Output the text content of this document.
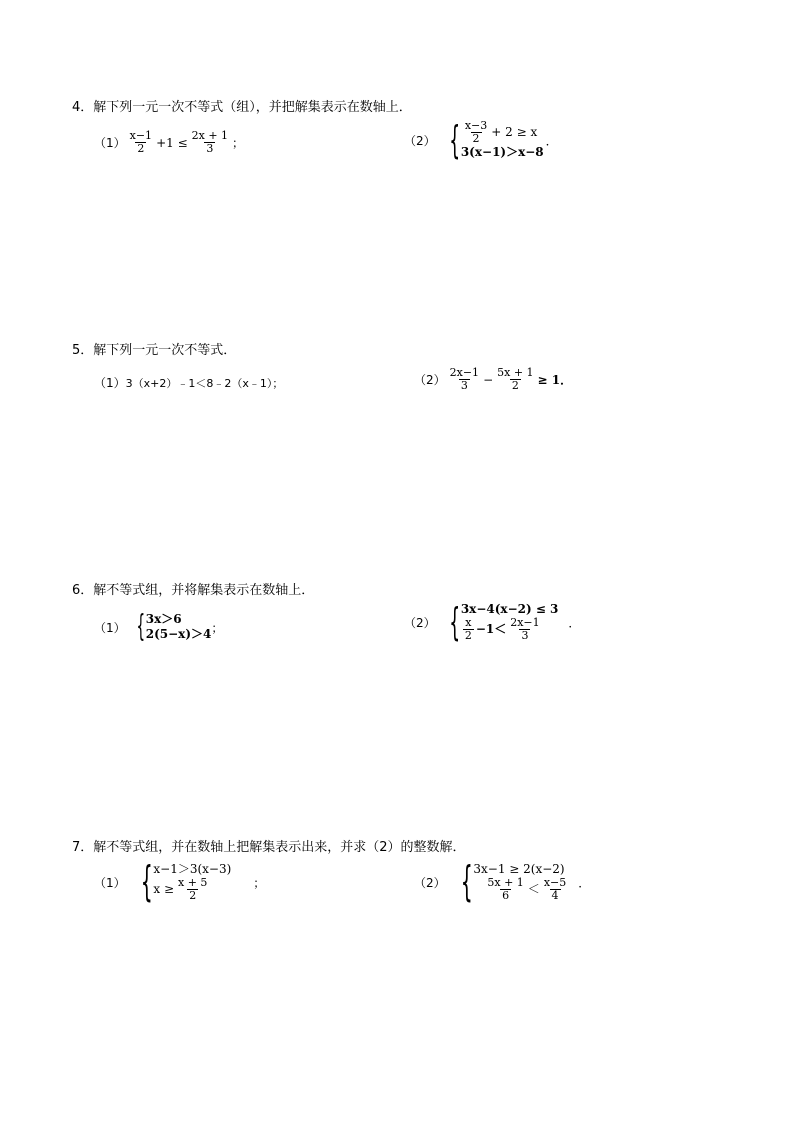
4．解下列一元一次不等式（组），并把解集表示在数轴上．
$(1) \frac{x-1}{2} +1 \le \frac{2x + 1}{3}$ ；	（2） { $\frac{x-3}{2} + 2 \ge x$
3(x−1)＞x−8
．
5．解下列一元一次不等式．
（1） 3（x+2）﹣1＜8﹣2（x﹣1）；	$(2) \frac{2x-1}{3} - \frac{5x + 1}{2} \ge 1$．
6．解不等式组，并将解集表示在数轴上．
（1） { 3x＞6
2(5−x)＞4 ；	（2） { 3x−4(x−2) ≤ 3
$\frac{x}{2} -1< \frac{2x-1}{3}$ ．
7．解不等式组，并在数轴上把解集表示出来，并求（2）的整数解．
（1） { x−1＞3(x−3)
$x \ge \frac{x + 5}{2}$	；	（2） { 3x−1 ≥ 2(x−2)
$\frac{5x + 1}{6} < \frac{x-5}{4}$ ．
